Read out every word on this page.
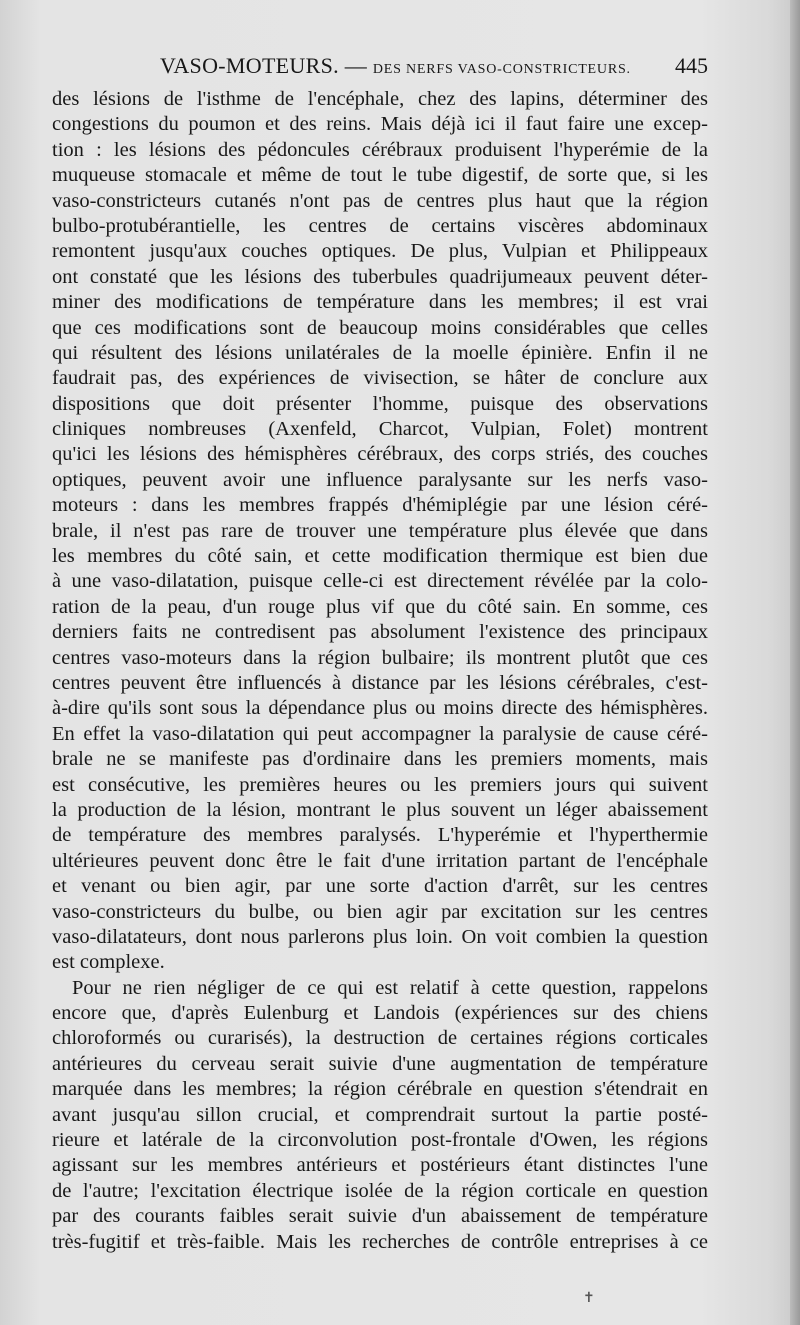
VASO-MOTEURS. — DES NERFS VASO-CONSTRICTEURS. 445
des lésions de l'isthme de l'encéphale, chez des lapins, déterminer des
congestions du poumon et des reins. Mais déjà ici il faut faire une excep-
tion : les lésions des pédoncules cérébraux produisent l'hyperémie de la
muqueuse stomacale et même de tout le tube digestif, de sorte que, si les
vaso-constricteurs cutanés n'ont pas de centres plus haut que la région
bulbo-protubérantielle, les centres de certains viscères abdominaux
remontent jusqu'aux couches optiques. De plus, Vulpian et Philippeaux
ont constaté que les lésions des tuberbules quadrijumeaux peuvent déter-
miner des modifications de température dans les membres; il est vrai
que ces modifications sont de beaucoup moins considérables que celles
qui résultent des lésions unilatérales de la moelle épinière. Enfin il ne
faudrait pas, des expériences de vivisection, se hâter de conclure aux
dispositions que doit présenter l'homme, puisque des observations
cliniques nombreuses (Axenfeld, Charcot, Vulpian, Folet) montrent
qu'ici les lésions des hémisphères cérébraux, des corps striés, des couches
optiques, peuvent avoir une influence paralysante sur les nerfs vaso-
moteurs : dans les membres frappés d'hémiplégie par une lésion céré-
brale, il n'est pas rare de trouver une température plus élevée que dans
les membres du côté sain, et cette modification thermique est bien due
à une vaso-dilatation, puisque celle-ci est directement révélée par la colo-
ration de la peau, d'un rouge plus vif que du côté sain. En somme, ces
derniers faits ne contredisent pas absolument l'existence des principaux
centres vaso-moteurs dans la région bulbaire; ils montrent plutôt que ces
centres peuvent être influencés à distance par les lésions cérébrales, c'est-
à-dire qu'ils sont sous la dépendance plus ou moins directe des hémisphères.
En effet la vaso-dilatation qui peut accompagner la paralysie de cause céré-
brale ne se manifeste pas d'ordinaire dans les premiers moments, mais
est consécutive, les premières heures ou les premiers jours qui suivent
la production de la lésion, montrant le plus souvent un léger abaissement
de température des membres paralysés. L'hyperémie et l'hyperthermie
ultérieures peuvent donc être le fait d'une irritation partant de l'encéphale
et venant ou bien agir, par une sorte d'action d'arrêt, sur les centres
vaso-constricteurs du bulbe, ou bien agir par excitation sur les centres
vaso-dilatateurs, dont nous parlerons plus loin. On voit combien la question
est complexe.
Pour ne rien négliger de ce qui est relatif à cette question, rappelons
encore que, d'après Eulenburg et Landois (expériences sur des chiens
chloroformés ou curarisés), la destruction de certaines régions corticales
antérieures du cerveau serait suivie d'une augmentation de température
marquée dans les membres; la région cérébrale en question s'étendrait en
avant jusqu'au sillon crucial, et comprendrait surtout la partie posté-
rieure et latérale de la circonvolution post-frontale d'Owen, les régions
agissant sur les membres antérieurs et postérieurs étant distinctes l'une
de l'autre; l'excitation électrique isolée de la région corticale en question
par des courants faibles serait suivie d'un abaissement de température
très-fugitif et très-faible. Mais les recherches de contrôle entreprises à ce
✝
